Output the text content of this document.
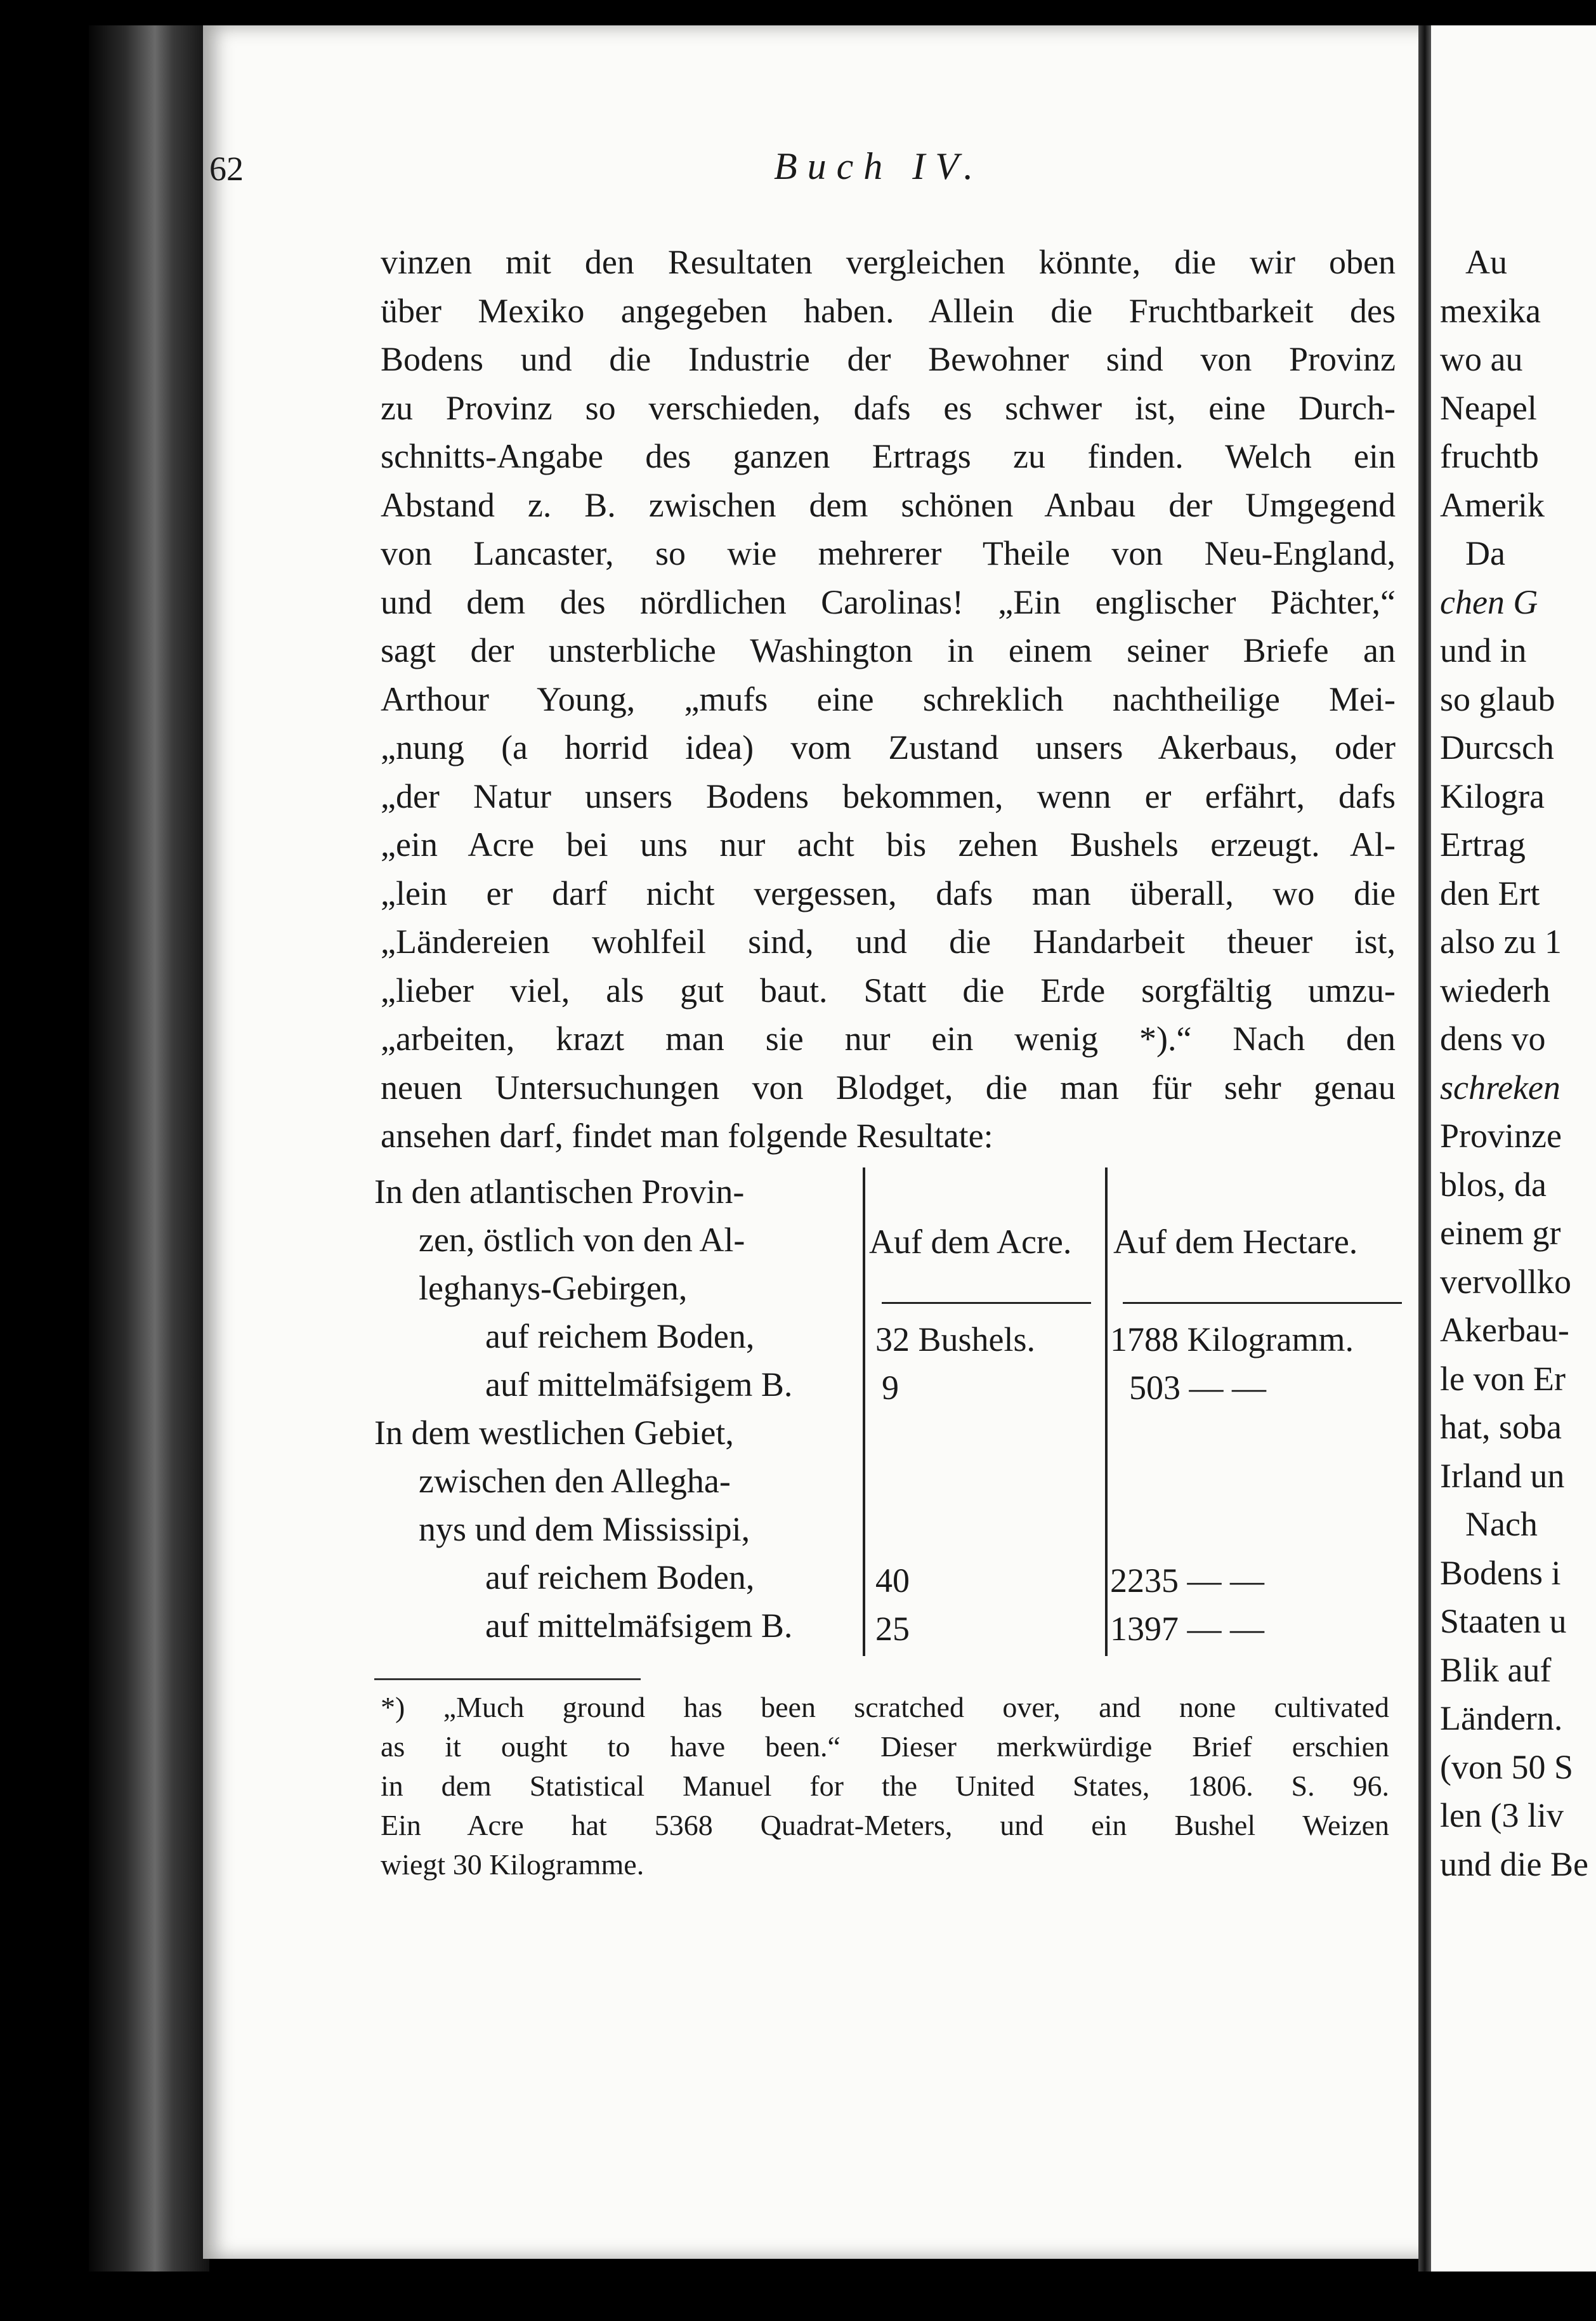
62	Buch IV.
vinzen mit den Resultaten vergleichen könnte, die wir oben
über Mexiko angegeben haben. Allein die Fruchtbarkeit des
Bodens und die Industrie der Bewohner sind von Provinz
zu Provinz so verschieden, dafs es schwer ist, eine Durch-
schnitts-Angabe des ganzen Ertrags zu finden. Welch ein
Abstand z. B. zwischen dem schönen Anbau der Umgegend
von Lancaster, so wie mehrerer Theile von Neu-England,
und dem des nördlichen Carolinas! „Ein englischer Pächter,“
sagt der unsterbliche Washington in einem seiner Briefe an
Arthour Young, „mufs eine schreklich nachtheilige Mei-
„nung (a horrid idea) vom Zustand unsers Akerbaus, oder
„der Natur unsers Bodens bekommen, wenn er erfährt, dafs
„ein Acre bei uns nur acht bis zehen Bushels erzeugt. Al-
„lein er darf nicht vergessen, dafs man überall, wo die
„Ländereien wohlfeil sind, und die Handarbeit theuer ist,
„lieber viel, als gut baut. Statt die Erde sorgfältig umzu-
„arbeiten, krazt man sie nur ein wenig *).“ Nach den
neuen Untersuchungen von Blodget, die man für sehr genau
ansehen darf, findet man folgende Resultate:
In den atlantischen Provin-
zen, östlich von den Al-
leghanys-Gebirgen,
auf reichem Boden,
auf mittelmäfsigem B.
In dem westlichen Gebiet,
zwischen den Allegha-
nys und dem Mississipi,
auf reichem Boden,
auf mittelmäfsigem B.
Auf dem Acre. Auf dem Hectare.
32 Bushels.
9
40
25
1788 Kilogramm.
503 — —
2235 — —
1397 — —
*) „Much ground has been scratched over, and none cultivated
as it ought to have been.“ Dieser merkwürdige Brief erschien
in dem Statistical Manuel for the United States, 1806. S. 96.
Ein Acre hat 5368 Quadrat-Meters, und ein Bushel Weizen
wiegt 30 Kilogramme.
Au
mexika
wo au
Neapel
fruchtb
Amerik
Da
chen G
und in
so glaub
Durcsch
Kilogra
Ertrag
den Ert
also zu 1
wiederh
dens vo
schreken
Provinze
blos, da
einem gr
vervollko
Akerbau-
le von Er
hat, soba
Irland un
Nach
Bodens i
Staaten u
Blik auf
Ländern.
(von 50 S
len (3 liv
und die Be
